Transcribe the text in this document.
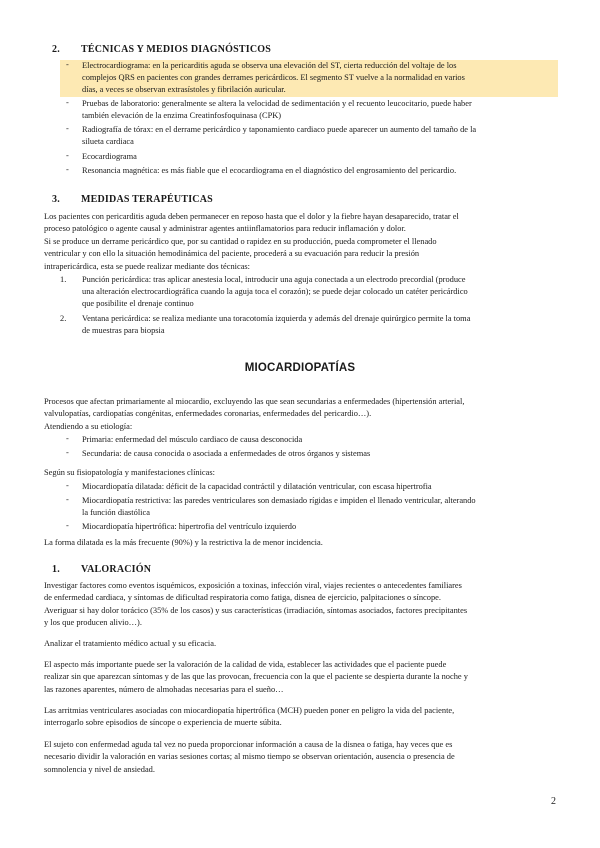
2. TÉCNICAS Y MEDIOS DIAGNÓSTICOS
- Electrocardiograma: en la pericarditis aguda se observa una elevación del ST, cierta reducción del voltaje de los
complejos QRS en pacientes con grandes derrames pericárdicos. El segmento ST vuelve a la normalidad en varios
días, a veces se observan extrasístoles y fibrilación auricular.
- Pruebas de laboratorio: generalmente se altera la velocidad de sedimentación y el recuento leucocitario, puede haber
también elevación de la enzima Creatinfosfoquinasa (CPK)
- Radiografía de tórax: en el derrame pericárdico y taponamiento cardiaco puede aparecer un aumento del tamaño de la
silueta cardiaca
- Ecocardiograma
- Resonancia magnética: es más fiable que el ecocardiograma en el diagnóstico del engrosamiento del pericardio.
3. MEDIDAS TERAPÉUTICAS
Los pacientes con pericarditis aguda deben permanecer en reposo hasta que el dolor y la fiebre hayan desaparecido, tratar el
proceso patológico o agente causal y administrar agentes antiinflamatorios para reducir inflamación y dolor.
Si se produce un derrame pericárdico que, por su cantidad o rapidez en su producción, pueda comprometer el llenado
ventricular y con ello la situación hemodinámica del paciente, procederá a su evacuación para reducir la presión
intrapericárdica, esta se puede realizar mediante dos técnicas:
1. Punción pericárdica: tras aplicar anestesia local, introducir una aguja conectada a un electrodo precordial (produce
una alteración electrocardiográfica cuando la aguja toca el corazón); se puede dejar colocado un catéter pericárdico
que posibilite el drenaje continuo
2. Ventana pericárdica: se realiza mediante una toracotomía izquierda y además del drenaje quirúrgico permite la toma
de muestras para biopsia
MIOCARDIOPATÍAS
Procesos que afectan primariamente al miocardio, excluyendo las que sean secundarias a enfermedades (hipertensión arterial,
valvulopatías, cardiopatías congénitas, enfermedades coronarias, enfermedades del pericardio…).
Atendiendo a su etiología:
- Primaria: enfermedad del músculo cardiaco de causa desconocida
- Secundaria: de causa conocida o asociada a enfermedades de otros órganos y sistemas
Según su fisiopatología y manifestaciones clínicas:
- Miocardiopatía dilatada: déficit de la capacidad contráctil y dilatación ventricular, con escasa hipertrofia
- Miocardiopatía restrictiva: las paredes ventriculares son demasiado rígidas e impiden el llenado ventricular, alterando
la función diastólica
- Miocardiopatía hipertrófica: hipertrofia del ventrículo izquierdo
La forma dilatada es la más frecuente (90%) y la restrictiva la de menor incidencia.
1. VALORACIÓN
Investigar factores como eventos isquémicos, exposición a toxinas, infección viral, viajes recientes o antecedentes familiares
de enfermedad cardiaca, y síntomas de dificultad respiratoria como fatiga, disnea de ejercicio, palpitaciones o síncope.
Averiguar si hay dolor torácico (35% de los casos) y sus características (irradiación, síntomas asociados, factores precipitantes
y los que producen alivio…).
Analizar el tratamiento médico actual y su eficacia.
El aspecto más importante puede ser la valoración de la calidad de vida, establecer las actividades que el paciente puede
realizar sin que aparezcan síntomas y de las que las provocan, frecuencia con la que el paciente se despierta durante la noche y
las razones aparentes, número de almohadas necesarias para el sueño…
Las arritmias ventriculares asociadas con miocardiopatía hipertrófica (MCH) pueden poner en peligro la vida del paciente,
interrogarlo sobre episodios de síncope o experiencia de muerte súbita.
El sujeto con enfermedad aguda tal vez no pueda proporcionar información a causa de la disnea o fatiga, hay veces que es
necesario dividir la valoración en varias sesiones cortas; al mismo tiempo se observan orientación, ausencia o presencia de
somnolencia y nivel de ansiedad.
2
